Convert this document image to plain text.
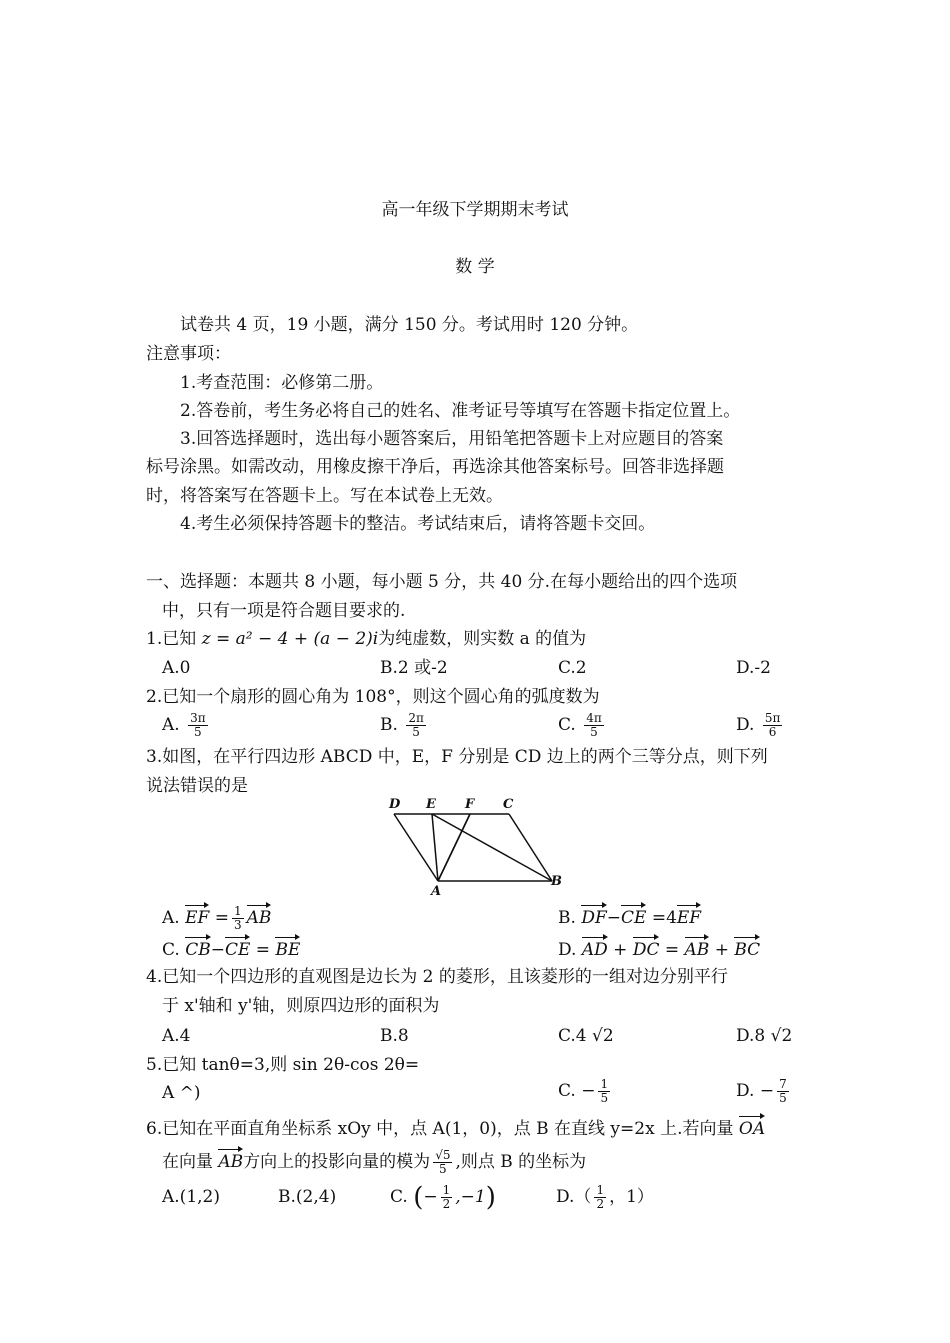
高一年级下学期期末考试
数 学
试卷共 4 页，19 小题，满分 150 分。考试用时 120 分钟。
注意事项：
1.考查范围：必修第二册。
2.答卷前，考生务必将自己的姓名、准考证号等填写在答题卡指定位置上。
3.回答选择题时，选出每小题答案后，用铅笔把答题卡上对应题目的答案
标号涂黑。如需改动，用橡皮擦干净后，再选涂其他答案标号。回答非选择题
时，将答案写在答题卡上。写在本试卷上无效。
4.考生必须保持答题卡的整洁。考试结束后，请将答题卡交回。
一、选择题：本题共 8 小题，每小题 5 分，共 40 分.在每小题给出的四个选项
中，只有一项是符合题目要求的.
1.已知 z = a² − 4 + (a − 2)i为纯虚数，则实数 a 的值为
A.0	B.2 或-2	C.2	D.-2
2.已知一个扇形的圆心角为 108°，则这个圆心角的弧度数为
A. $\frac{3\pi}{5}$	B. $\frac{2\pi}{5}$	C. $\frac{4\pi}{5}$	D. $\frac{5\pi}{6}$
3.如图，在平行四边形 ABCD 中，E，F 分别是 CD 边上的两个三等分点，则下列
说法错误的是
D E F C
A
B
A. EF = $\frac{1}{3}$ AB	B. DF−CE =4EF
C. CB−CE = BE	D. AD + DC = AB + BC
4.已知一个四边形的直观图是边长为 2 的菱形，且该菱形的一组对边分别平行
于 x'轴和 y'轴，则原四边形的面积为
A.4	B.8	C.4 √2	D.8 √2
5.已知 tanθ=3,则 sin 2θ-cos 2θ=
A ^)	C. − $\frac{1}{5}$	D. − $\frac{7}{5}$
6.已知在平面直角坐标系 xOy 中，点 A(1，0)，点 B 在直线 y=2x 上.若向量 OA
在向量 AB方向上的投影向量的模为 $\frac{√5}{5}$ ,则点 B 的坐标为
A.(1,2)	B.(2,4)	C. (− $\frac{1}{2} ,-1$)	$D.( \frac{1}{2}$ ，1）
